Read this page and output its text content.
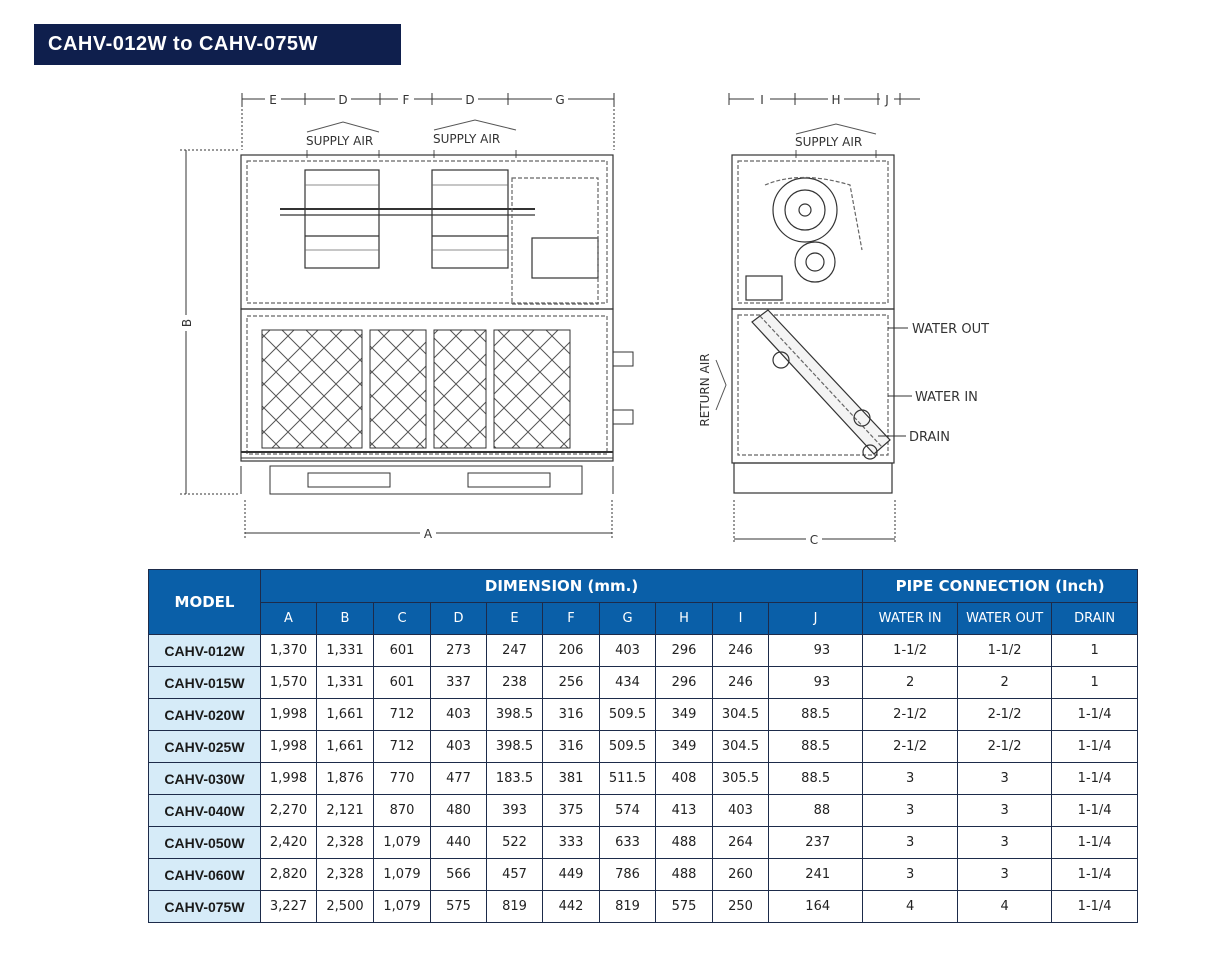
CAHV-012W to CAHV-075W
E	D	F	D	G
SUPPLY AIR	SUPPLY AIR
B
A
I	H	J
SUPPLY AIR
WATER OUT
WATER IN
DRAIN
RETURN AIR
C
MODEL	DIMENSION (mm.)										PIPE CONNECTION (Inch)		
	A	B	C	D	E	F	G	H	I	J	WATER IN	WATER OUT	DRAIN
CAHV-012W	1,370	1,331	601	273	247	206	403	296	246	93	1-1/2	1-1/2	1
CAHV-015W	1,570	1,331	601	337	238	256	434	296	246	93	2	2	1
CAHV-020W	1,998	1,661	712	403	398.5	316	509.5	349	304.5	88.5	2-1/2	2-1/2	1-1/4
CAHV-025W	1,998	1,661	712	403	398.5	316	509.5	349	304.5	88.5	2-1/2	2-1/2	1-1/4
CAHV-030W	1,998	1,876	770	477	183.5	381	511.5	408	305.5	88.5	3	3	1-1/4
CAHV-040W	2,270	2,121	870	480	393	375	574	413	403	88	3	3	1-1/4
CAHV-050W	2,420	2,328	1,079	440	522	333	633	488	264	237	3	3	1-1/4
CAHV-060W	2,820	2,328	1,079	566	457	449	786	488	260	241	3	3	1-1/4
CAHV-075W	3,227	2,500	1,079	575	819	442	819	575	250	164	4	4	1-1/4
